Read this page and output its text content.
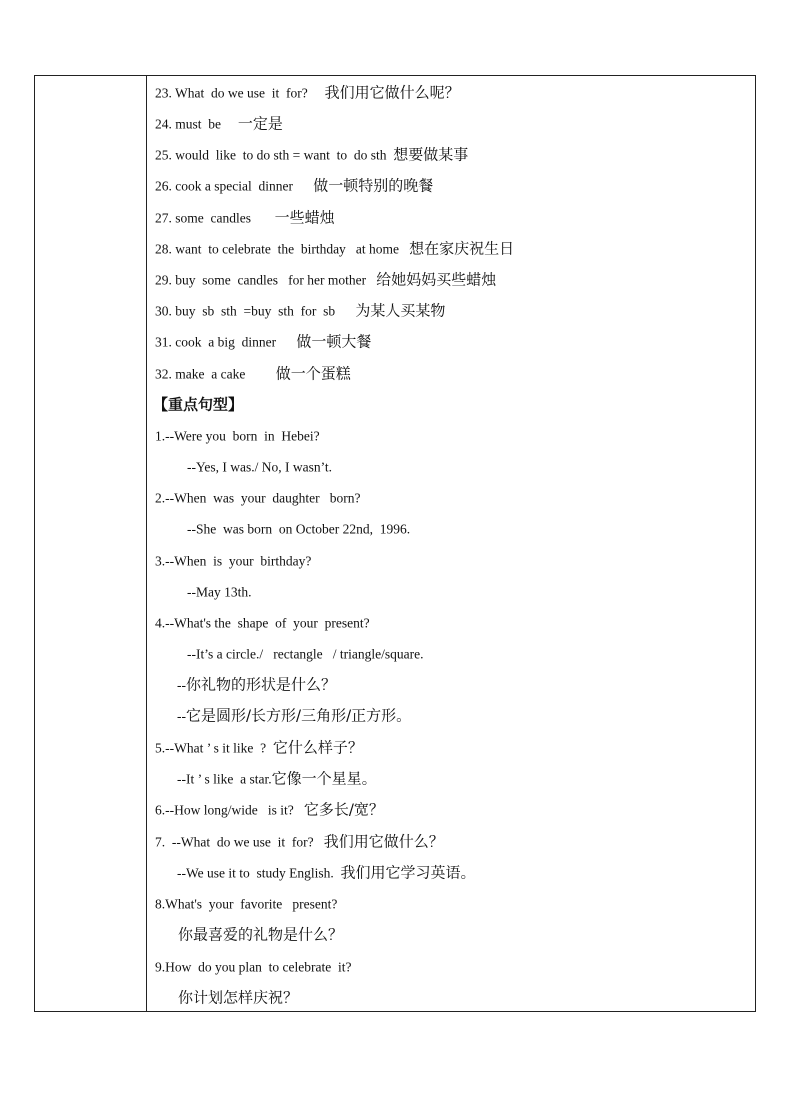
23. What  do we use  it  for?     我们用它做什么呢？
24. must  be     一定是
25. would  like  to do sth = want  to  do sth  想要做某事
26. cook a special  dinner      做一顿特别的晚餐
27. some  candles       一些蜡烛
28. want  to celebrate  the  birthday   at home   想在家庆祝生日
29. buy  some  candles   for her mother   给她妈妈买些蜡烛
30. buy  sb  sth  =buy  sth  for  sb      为某人买某物
31. cook  a big  dinner      做一顿大餐
32. make  a cake         做一个蛋糕
【重点句型】
1.--Were you  born  in  Hebei?
--Yes, I was./ No, I wasn’t.
2.--When  was  your  daughter   born?
--She  was born  on October 22nd,  1996.
3.--When  is  your  birthday?
--May 13th.
4.--What's the  shape  of  your  present?
--It’s a circle./   rectangle   / triangle/square.
--你礼物的形状是什么？
--它是圆形/长方形/三角形/正方形。
5.--What ’ s it like  ?  它什么样子？
--It ’ s like  a star.它像一个星星。
6.--How long/wide   is it?   它多长/宽？
7.  --What  do we use  it  for?   我们用它做什么？
--We use it to  study English.  我们用它学习英语。
8.What's  your  favorite   present?
你最喜爱的礼物是什么？
9.How  do you plan  to celebrate  it?
你计划怎样庆祝？
